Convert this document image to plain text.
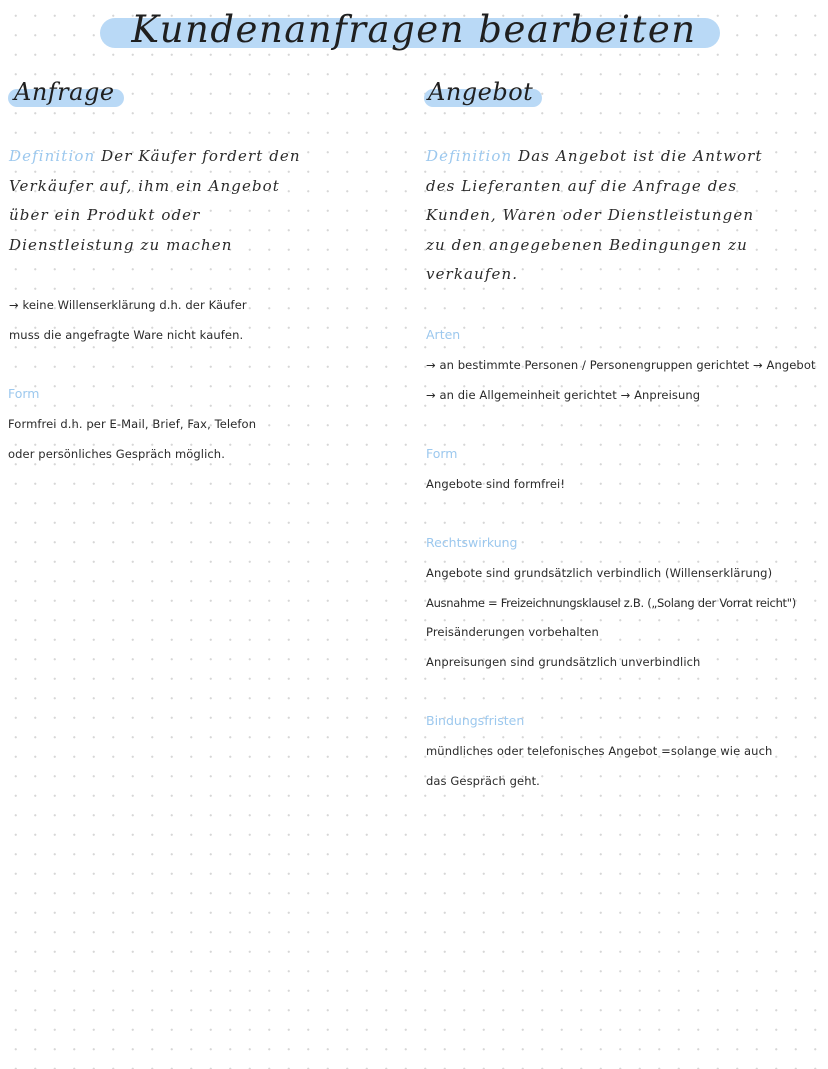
Kundenanfragen bearbeiten
Anfrage
Definition Der Käufer fordert den
Verkäufer auf, ihm ein Angebot
über ein Produkt oder
Dienstleistung zu machen
→ keine Willenserklärung d.h. der Käufer
muss die angefragte Ware nicht kaufen.
Form
Formfrei d.h. per E-Mail, Brief, Fax, Telefon
oder persönliches Gespräch möglich.
Angebot
Definition Das Angebot ist die Antwort
des Lieferanten auf die Anfrage des
Kunden, Waren oder Dienstleistungen
zu den angegebenen Bedingungen zu
verkaufen.
Arten
→ an bestimmte Personen / Personengruppen gerichtet → Angebot
→ an die Allgemeinheit gerichtet → Anpreisung
Form
Angebote sind formfrei!
Rechtswirkung
Angebote sind grundsätzlich verbindlich (Willenserklärung)
Ausnahme = Freizeichnungsklausel z.B. („Solang der Vorrat reicht")
Preisänderungen vorbehalten
Anpreisungen sind grundsätzlich unverbindlich
Bindungsfristen
mündliches oder telefonisches Angebot =solange wie auch
das Gespräch geht.
